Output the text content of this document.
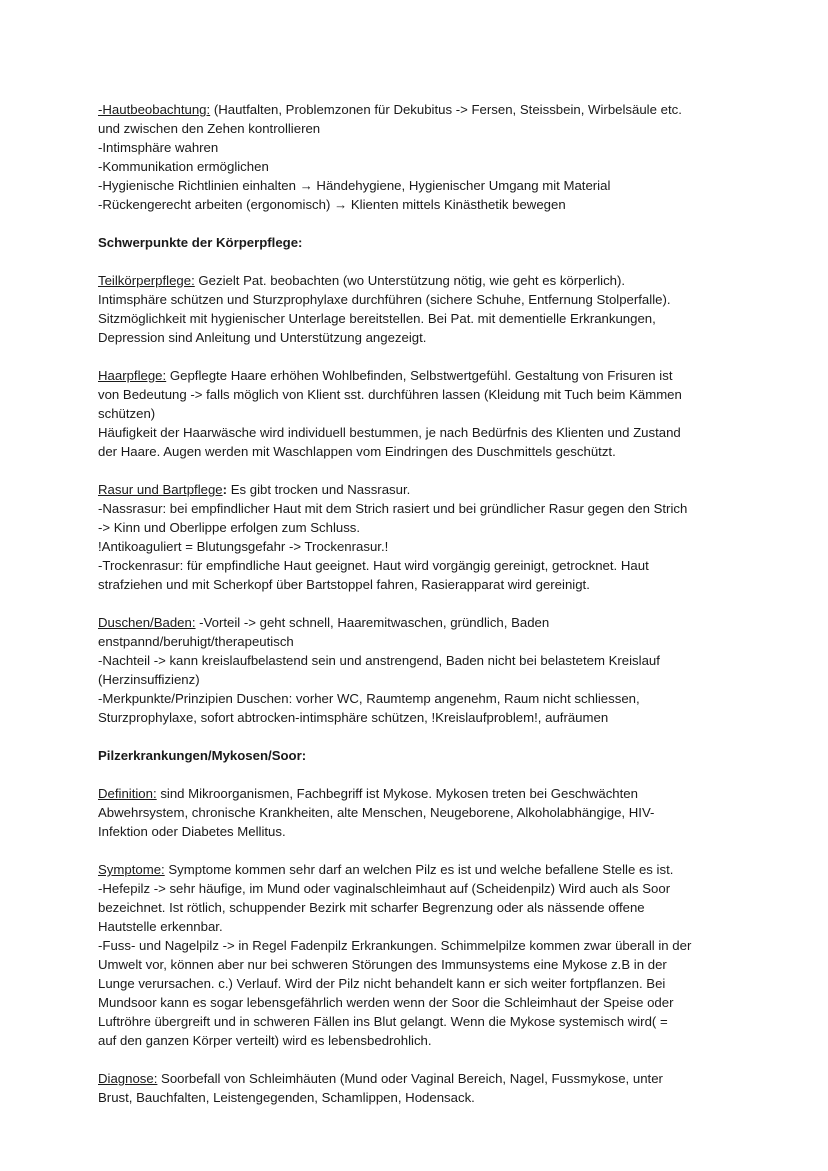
-Hautbeobachtung: (Hautfalten, Problemzonen für Dekubitus -> Fersen, Steissbein, Wirbelsäule etc.
und zwischen den Zehen kontrollieren
-Intimsphäre wahren
-Kommunikation ermöglichen
-Hygienische Richtlinien einhalten → Händehygiene, Hygienischer Umgang mit Material
-Rückengerecht arbeiten (ergonomisch) → Klienten mittels Kinästhetik bewegen
Schwerpunkte der Körperpflege:
Teilkörperpflege: Gezielt Pat. beobachten (wo Unterstützung nötig, wie geht es körperlich).
Intimsphäre schützen und Sturzprophylaxe durchführen (sichere Schuhe, Entfernung Stolperfalle).
Sitzmöglichkeit mit hygienischer Unterlage bereitstellen. Bei Pat. mit dementielle Erkrankungen,
Depression sind Anleitung und Unterstützung angezeigt.
Haarpflege: Gepflegte Haare erhöhen Wohlbefinden, Selbstwertgefühl. Gestaltung von Frisuren ist
von Bedeutung -> falls möglich von Klient sst. durchführen lassen (Kleidung mit Tuch beim Kämmen
schützen)
Häufigkeit der Haarwäsche wird individuell bestummen, je nach Bedürfnis des Klienten und Zustand
der Haare. Augen werden mit Waschlappen vom Eindringen des Duschmittels geschützt.
Rasur und Bartpflege: Es gibt trocken und Nassrasur.
-Nassrasur: bei empfindlicher Haut mit dem Strich rasiert und bei gründlicher Rasur gegen den Strich
-> Kinn und Oberlippe erfolgen zum Schluss.
!Antikoaguliert = Blutungsgefahr -> Trockenrasur.!
-Trockenrasur: für empfindliche Haut geeignet. Haut wird vorgängig gereinigt, getrocknet. Haut
strafziehen und mit Scherkopf über Bartstoppel fahren, Rasierapparat wird gereinigt.
Duschen/Baden: -Vorteil -> geht schnell, Haaremitwaschen, gründlich, Baden
enstpannd/beruhigt/therapeutisch
-Nachteil -> kann kreislaufbelastend sein und anstrengend, Baden nicht bei belastetem Kreislauf
(Herzinsuffizienz)
-Merkpunkte/Prinzipien Duschen: vorher WC, Raumtemp angenehm, Raum nicht schliessen,
Sturzprophylaxe, sofort abtrocken-intimsphäre schützen, !Kreislaufproblem!, aufräumen
Pilzerkrankungen/Mykosen/Soor:
Definition: sind Mikroorganismen, Fachbegriff ist Mykose. Mykosen treten bei Geschwächten
Abwehrsystem, chronische Krankheiten, alte Menschen, Neugeborene, Alkoholabhängige, HIV-
Infektion oder Diabetes Mellitus.
Symptome: Symptome kommen sehr darf an welchen Pilz es ist und welche befallene Stelle es ist.
-Hefepilz -> sehr häufige, im Mund oder vaginalschleimhaut auf (Scheidenpilz) Wird auch als Soor
bezeichnet. Ist rötlich, schuppender Bezirk mit scharfer Begrenzung oder als nässende offene
Hautstelle erkennbar.
-Fuss- und Nagelpilz -> in Regel Fadenpilz Erkrankungen. Schimmelpilze kommen zwar überall in der
Umwelt vor, können aber nur bei schweren Störungen des Immunsystems eine Mykose z.B in der
Lunge verursachen. c.) Verlauf. Wird der Pilz nicht behandelt kann er sich weiter fortpflanzen. Bei
Mundsoor kann es sogar lebensgefährlich werden wenn der Soor die Schleimhaut der Speise oder
Luftröhre übergreift und in schweren Fällen ins Blut gelangt. Wenn die Mykose systemisch wird( =
auf den ganzen Körper verteilt) wird es lebensbedrohlich.
Diagnose: Soorbefall von Schleimhäuten (Mund oder Vaginal Bereich, Nagel, Fussmykose, unter
Brust, Bauchfalten, Leistengegenden, Schamlippen, Hodensack.
